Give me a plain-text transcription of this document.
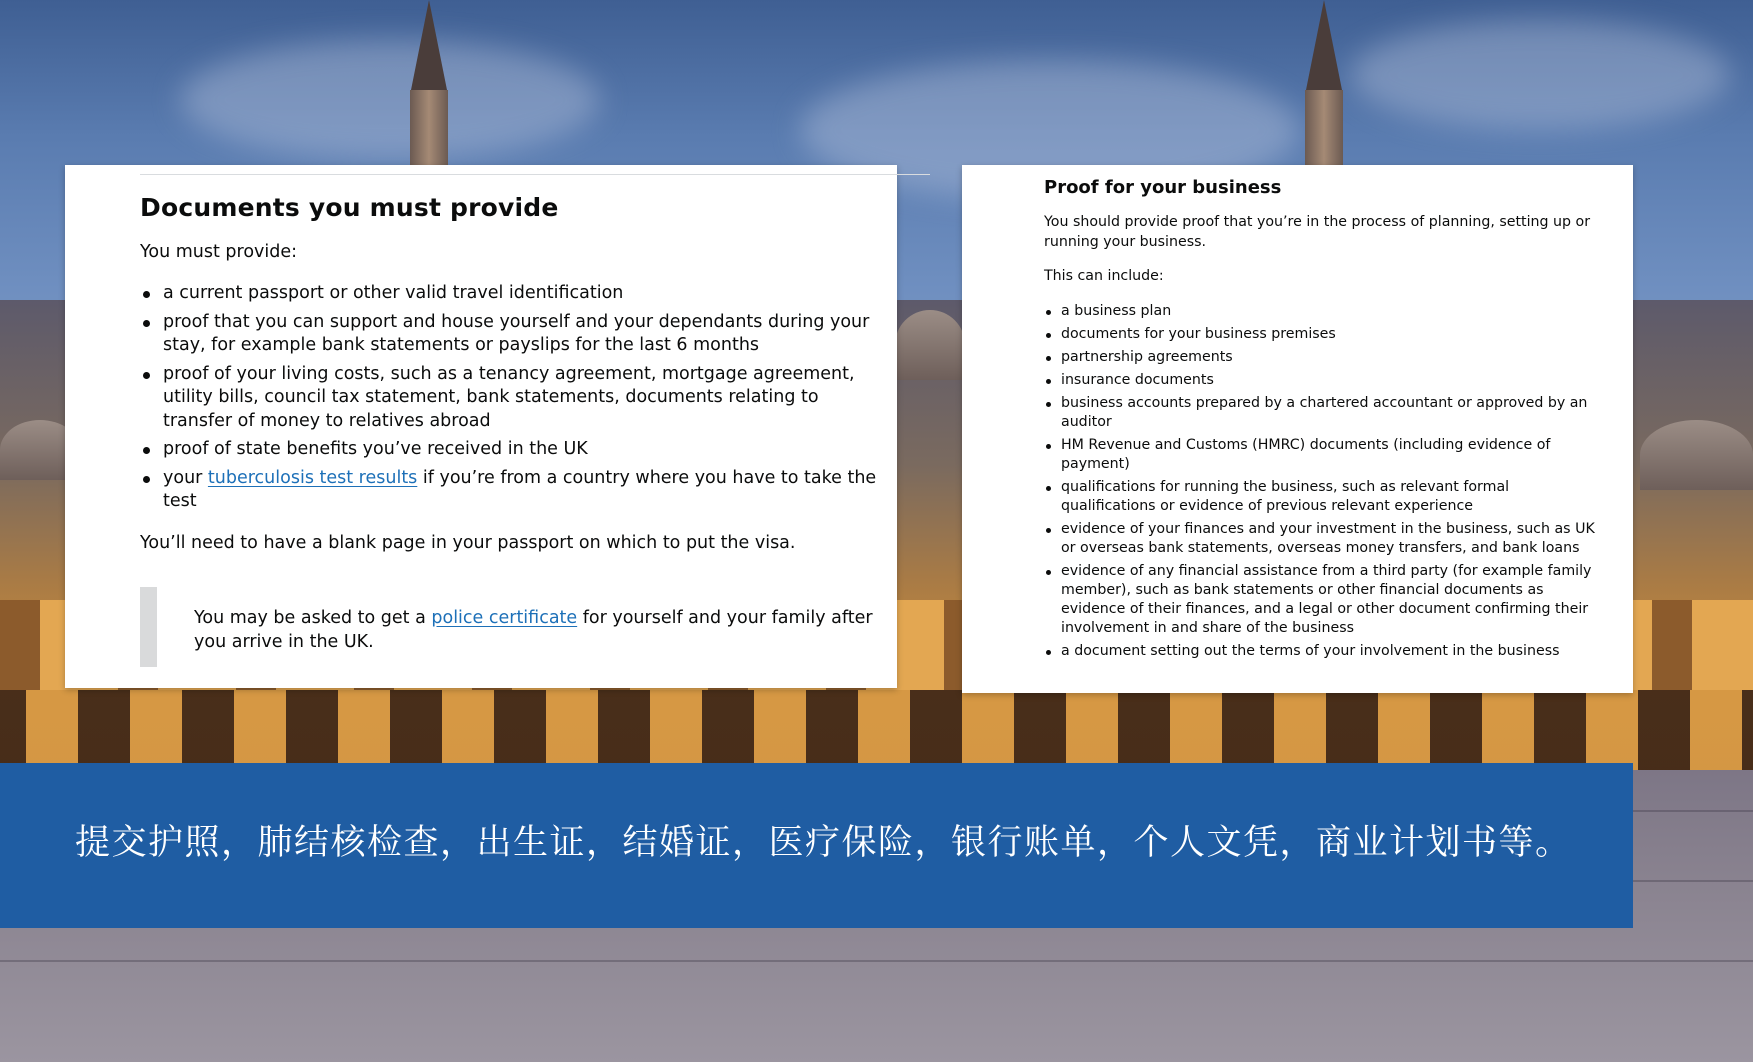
Documents you must provide

You must provide:

a current passport or other valid travel identification
proof that you can support and house yourself and your dependants during your stay, for example bank statements or payslips for the last 6 months
proof of your living costs, such as a tenancy agreement, mortgage agreement, utility bills, council tax statement, bank statements, documents relating to transfer of money to relatives abroad
proof of state benefits you’ve received in the UK
your tuberculosis test results if you’re from a country where you have to take the test

You’ll need to have a blank page in your passport on which to put the visa.

You may be asked to get a police certificate for yourself and your family after you arrive in the UK.

Proof for your business

You should provide proof that you’re in the process of planning, setting up or running your business.

This can include:

a business plan
documents for your business premises
partnership agreements
insurance documents
business accounts prepared by a chartered accountant or approved by an auditor
HM Revenue and Customs (HMRC) documents (including evidence of payment)
qualifications for running the business, such as relevant formal qualifications or evidence of previous relevant experience
evidence of your finances and your investment in the business, such as UK or overseas bank statements, overseas money transfers, and bank loans
evidence of any financial assistance from a third party (for example family member), such as bank statements or other financial documents as evidence of their finances, and a legal or other document confirming their involvement in and share of the business
a document setting out the terms of your involvement in the business

提交护照，肺结核检查，出生证，结婚证，医疗保险，银行账单，个人文凭，商业计划书等。
